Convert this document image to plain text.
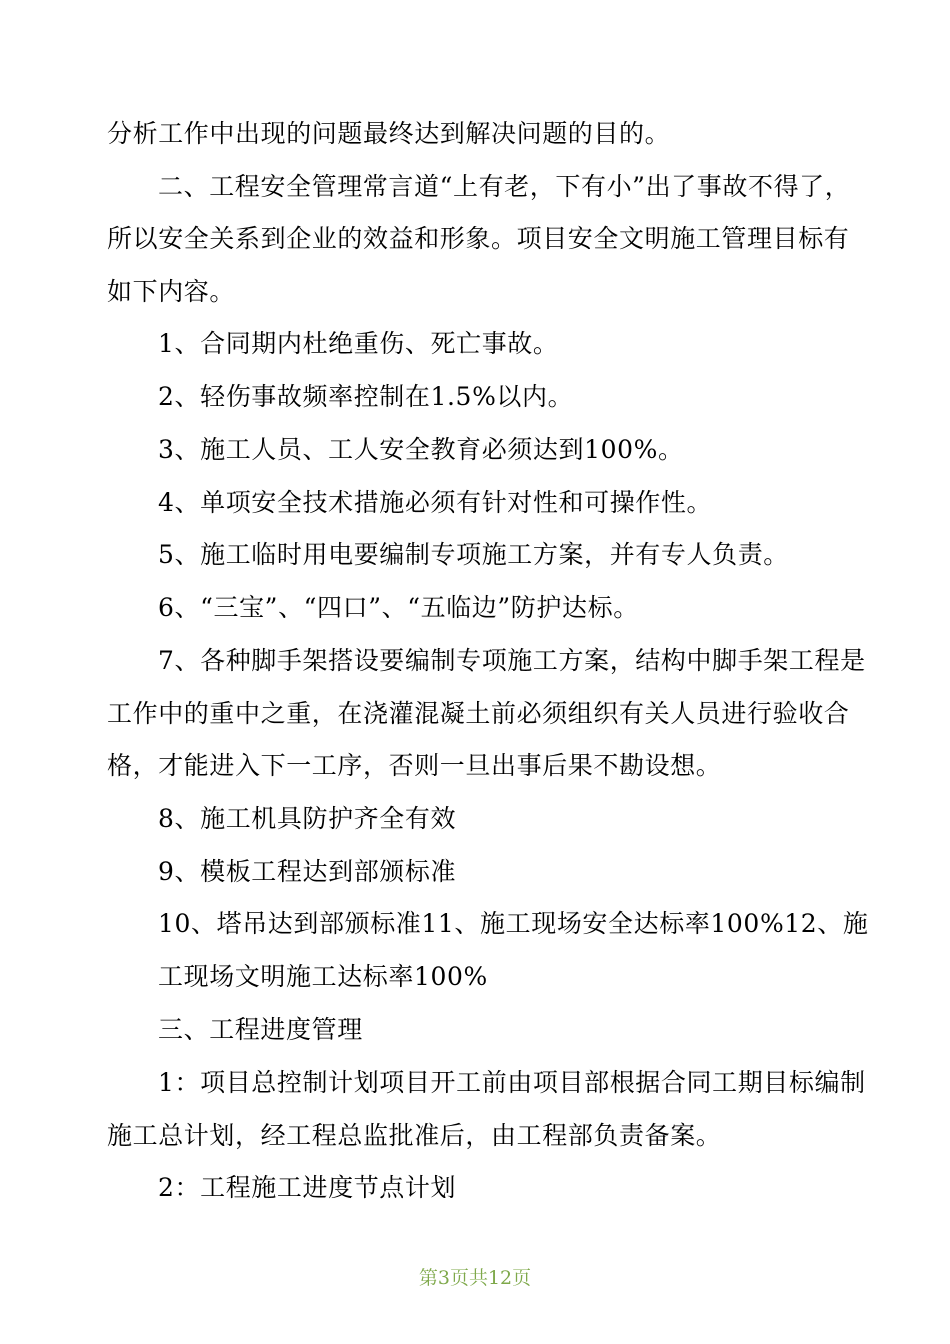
分析工作中出现的问题最终达到解决问题的目的。
二、工程安全管理常言道“上有老，下有小”出了事故不得了，
所以安全关系到企业的效益和形象。项目安全文明施工管理目标有
如下内容。
1、合同期内杜绝重伤、死亡事故。
2、轻伤事故频率控制在1.5%以内。
3、施工人员、工人安全教育必须达到100%。
4、单项安全技术措施必须有针对性和可操作性。
5、施工临时用电要编制专项施工方案，并有专人负责。
6、“三宝”、“四口”、“五临边”防护达标。
7、各种脚手架搭设要编制专项施工方案，结构中脚手架工程是
工作中的重中之重，在浇灌混凝土前必须组织有关人员进行验收合
格，才能进入下一工序，否则一旦出事后果不勘设想。
8、施工机具防护齐全有效
9、模板工程达到部颁标准
10、塔吊达到部颁标准11、施工现场安全达标率100%12、施
工现场文明施工达标率100%
三、工程进度管理
1：项目总控制计划项目开工前由项目部根据合同工期目标编制
施工总计划，经工程总监批准后，由工程部负责备案。
2：工程施工进度节点计划
第3页共12页
